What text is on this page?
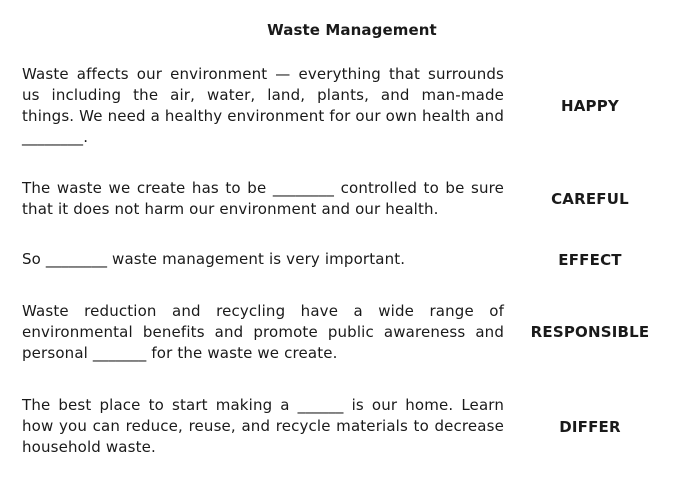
Waste Management
Waste affects our environment — everything that surrounds us including the air, water, land, plants, and man-made things. We need a healthy environment for our own health and ________.
HAPPY
The waste we create has to be ________ controlled to be sure that it does not harm our environment and our health.
CAREFUL
So ________ waste management is very important.	EFFECT
Waste reduction and recycling have a wide range of environmental benefits and promote public awareness and personal _______ for the waste we create.
RESPONSIBLE
The best place to start making a ______ is our home. Learn how you can reduce, reuse, and recycle materials to decrease household waste.
DIFFER
